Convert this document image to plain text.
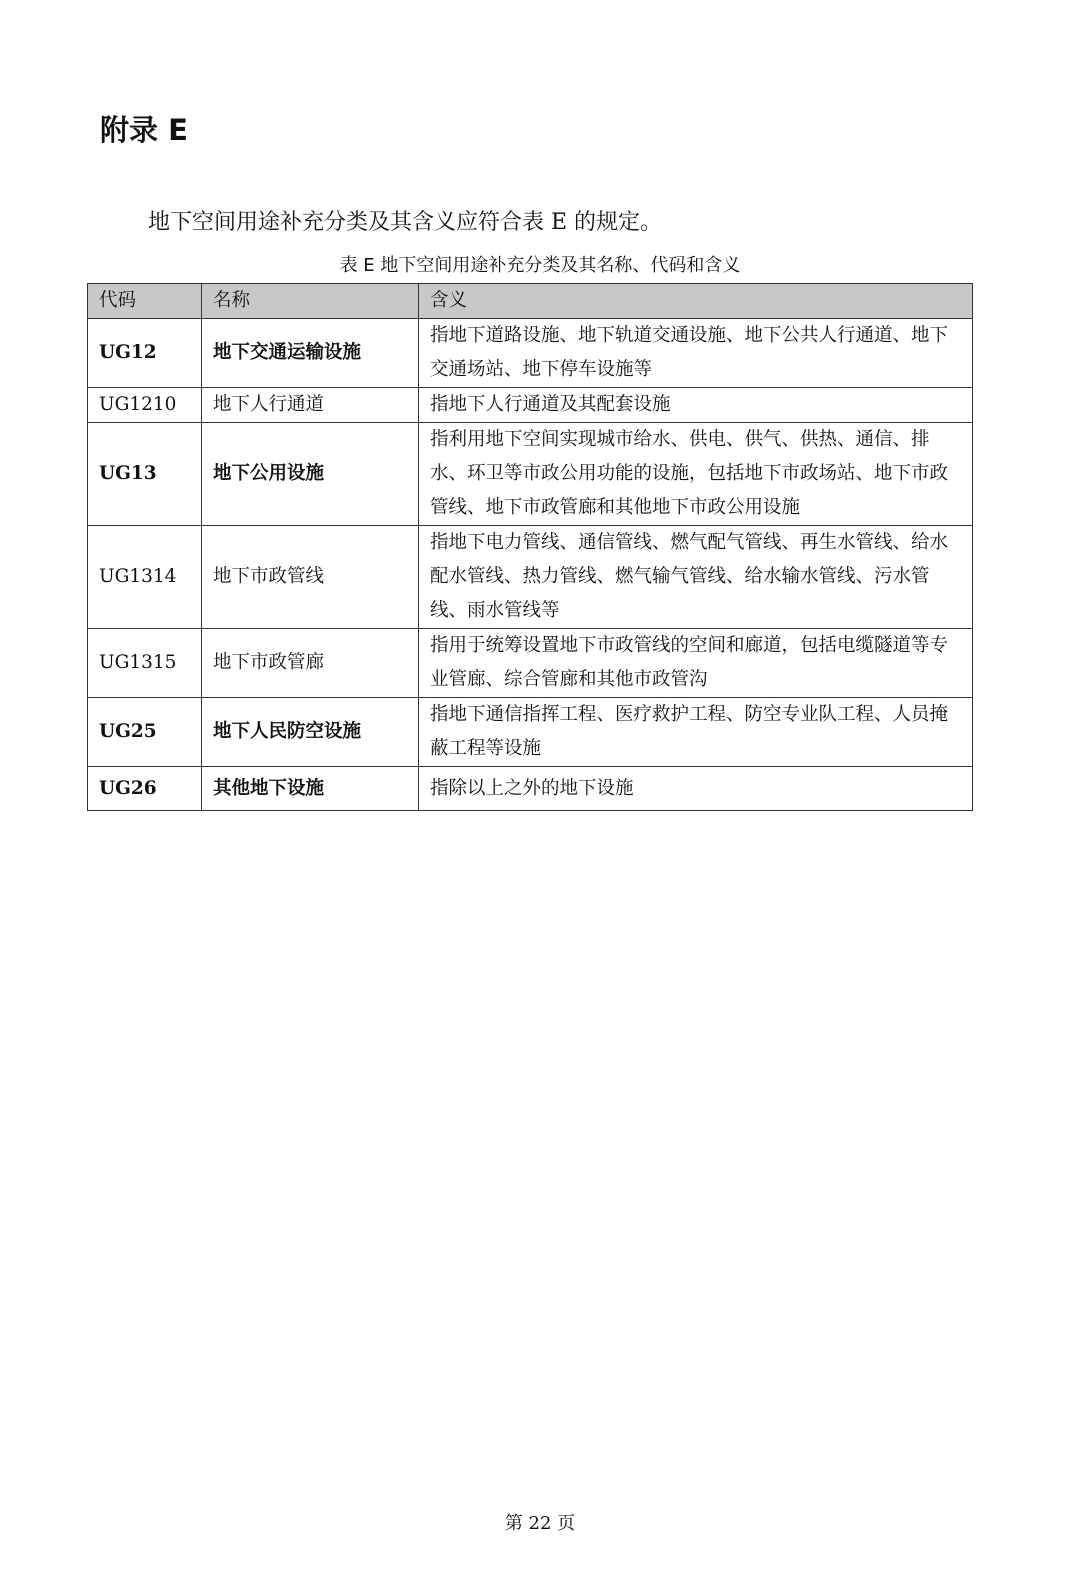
附录 E

地下空间用途补充分类及其含义应符合表 E 的规定。

表 E 地下空间用途补充分类及其名称、代码和含义

代码	名称	含义
UG12	地下交通运输设施	指地下道路设施、地下轨道交通设施、地下公共人行通道、地下交通场站、地下停车设施等
UG1210	地下人行通道	指地下人行通道及其配套设施
UG13	地下公用设施	指利用地下空间实现城市给水、供电、供气、供热、通信、排水、环卫等市政公用功能的设施，包括地下市政场站、地下市政管线、地下市政管廊和其他地下市政公用设施
UG1314	地下市政管线	指地下电力管线、通信管线、燃气配气管线、再生水管线、给水配水管线、热力管线、燃气输气管线、给水输水管线、污水管线、雨水管线等
UG1315	地下市政管廊	指用于统筹设置地下市政管线的空间和廊道，包括电缆隧道等专业管廊、综合管廊和其他市政管沟
UG25	地下人民防空设施	指地下通信指挥工程、医疗救护工程、防空专业队工程、人员掩蔽工程等设施
UG26	其他地下设施	指除以上之外的地下设施

第 22 页
